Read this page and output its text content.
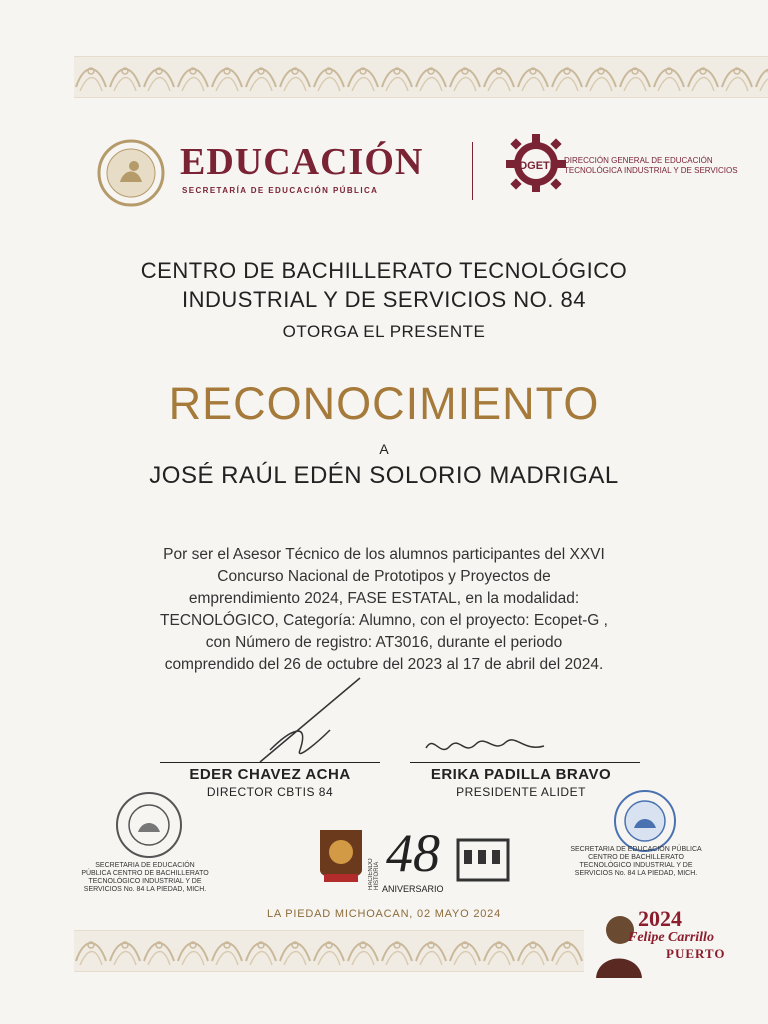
EDUCACIÓN
SECRETARÍA DE EDUCACIÓN PÚBLICA
DGETI DIRECCIÓN GENERAL DE EDUCACIÓN TECNOLÓGICA INDUSTRIAL Y DE SERVICIOS
CENTRO DE BACHILLERATO TECNOLÓGICO
INDUSTRIAL Y DE SERVICIOS NO. 84
OTORGA EL PRESENTE
RECONOCIMIENTO
A
JOSÉ RAÚL EDÉN SOLORIO MADRIGAL
Por ser el Asesor Técnico de los alumnos participantes del XXVI Concurso Nacional de Prototipos y Proyectos de emprendimiento 2024, FASE ESTATAL, en la modalidad: TECNOLÓGICO, Categoría: Alumno, con el proyecto: Ecopet-G , con Número de registro: AT3016, durante el periodo comprendido del 26 de octubre del 2023 al 17 de abril del 2024.
EDER CHAVEZ ACHA
DIRECTOR CBTIS 84
ERIKA PADILLA BRAVO
PRESIDENTE ALIDET
SECRETARIA DE EDUCACIÓN PÚBLICA CENTRO DE BACHILLERATO TECNOLÓGICO INDUSTRIAL Y DE SERVICIOS No. 84 LA PIEDAD, MICH.
SECRETARIA DE EDUCACIÓN PÚBLICA CENTRO DE BACHILLERATO TECNOLÓGICO INDUSTRIAL Y DE SERVICIOS No. 84 LA PIEDAD, MICH.
HACIENDO HISTORIA 48
ANIVERSARIO
LA PIEDAD MICHOACAN, 02 MAYO 2024	2024
Felipe Carrillo
PUERTO
